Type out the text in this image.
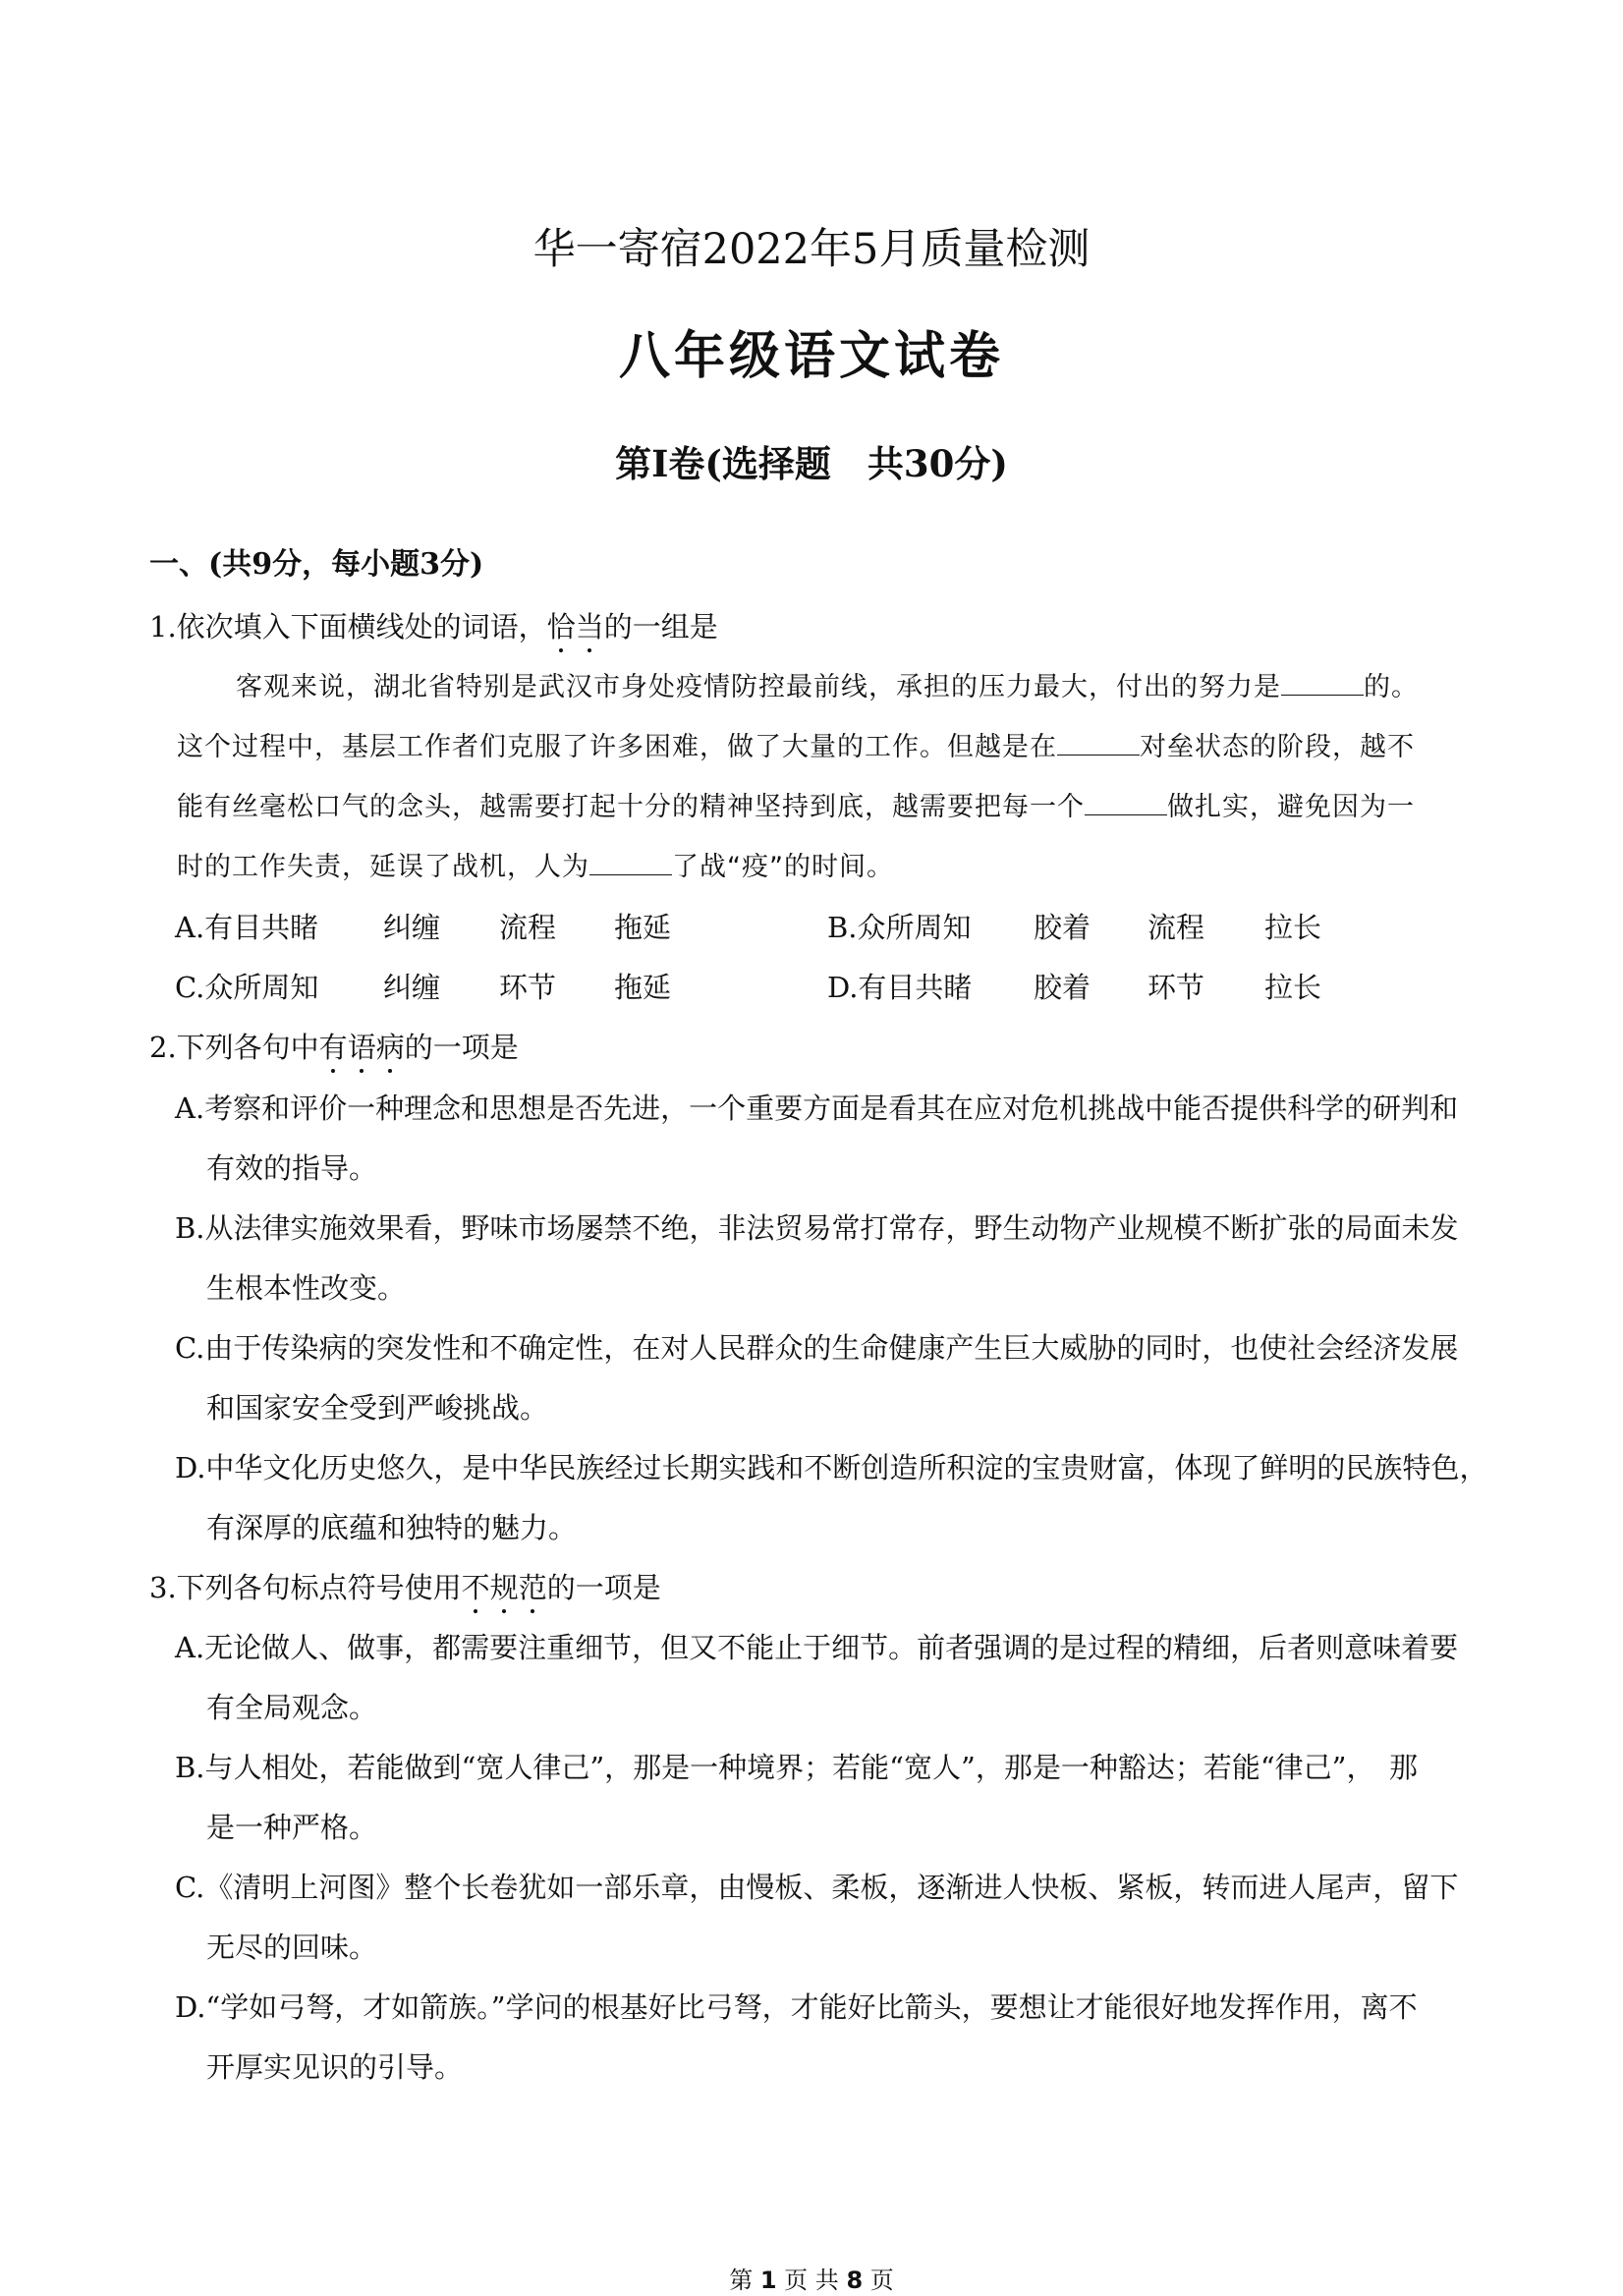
华一寄宿2022年5月质量检测
八年级语文试卷
第Ⅰ卷(选择题　共30分)
一、(共9分，每小题3分)
1.依次填入下面横线处的词语，恰当的一组是
客观来说，湖北省特别是武汉市身处疫情防控最前线，承担的压力最大，付出的努力是	的。
这个过程中，基层工作者们克服了许多困难，做了大量的工作。但越是在	对垒状态的阶段，越不
能有丝毫松口气的念头，越需要打起十分的精神坚持到底，越需要把每一个	做扎实，避免因为一
时的工作失责，延误了战机，人为	了战“疫”的时间。
A.有目共睹 纠缠 流程 拖延	B.众所周知 胶着 流程 拉长
C.众所周知 纠缠 环节 拖延	D.有目共睹 胶着 环节 拉长
2.下列各句中有语病的一项是
A.考察和评价一种理念和思想是否先进，一个重要方面是看其在应对危机挑战中能否提供科学的研判和
有效的指导。
B.从法律实施效果看，野味市场屡禁不绝，非法贸易常打常存，野生动物产业规模不断扩张的局面未发
生根本性改变。
C.由于传染病的突发性和不确定性，在对人民群众的生命健康产生巨大威胁的同时，也使社会经济发展
和国家安全受到严峻挑战。
D.中华文化历史悠久，是中华民族经过长期实践和不断创造所积淀的宝贵财富，体现了鲜明的民族特色，
有深厚的底蕴和独特的魅力。
3.下列各句标点符号使用不规范的一项是
A.无论做人、做事，都需要注重细节，但又不能止于细节。前者强调的是过程的精细，后者则意味着要
有全局观念。
B.与人相处，若能做到“宽人律己”，那是一种境界；若能“宽人”，那是一种豁达；若能“律己”，　那
是一种严格。
C.《清明上河图》整个长卷犹如一部乐章，由慢板、柔板，逐渐进人快板、紧板，转而进人尾声，留下
无尽的回味。
D.“学如弓弩，才如箭族。”学问的根基好比弓弩，才能好比箭头，要想让才能很好地发挥作用，离不
开厚实见识的引导。
第 1 页 共 8 页
